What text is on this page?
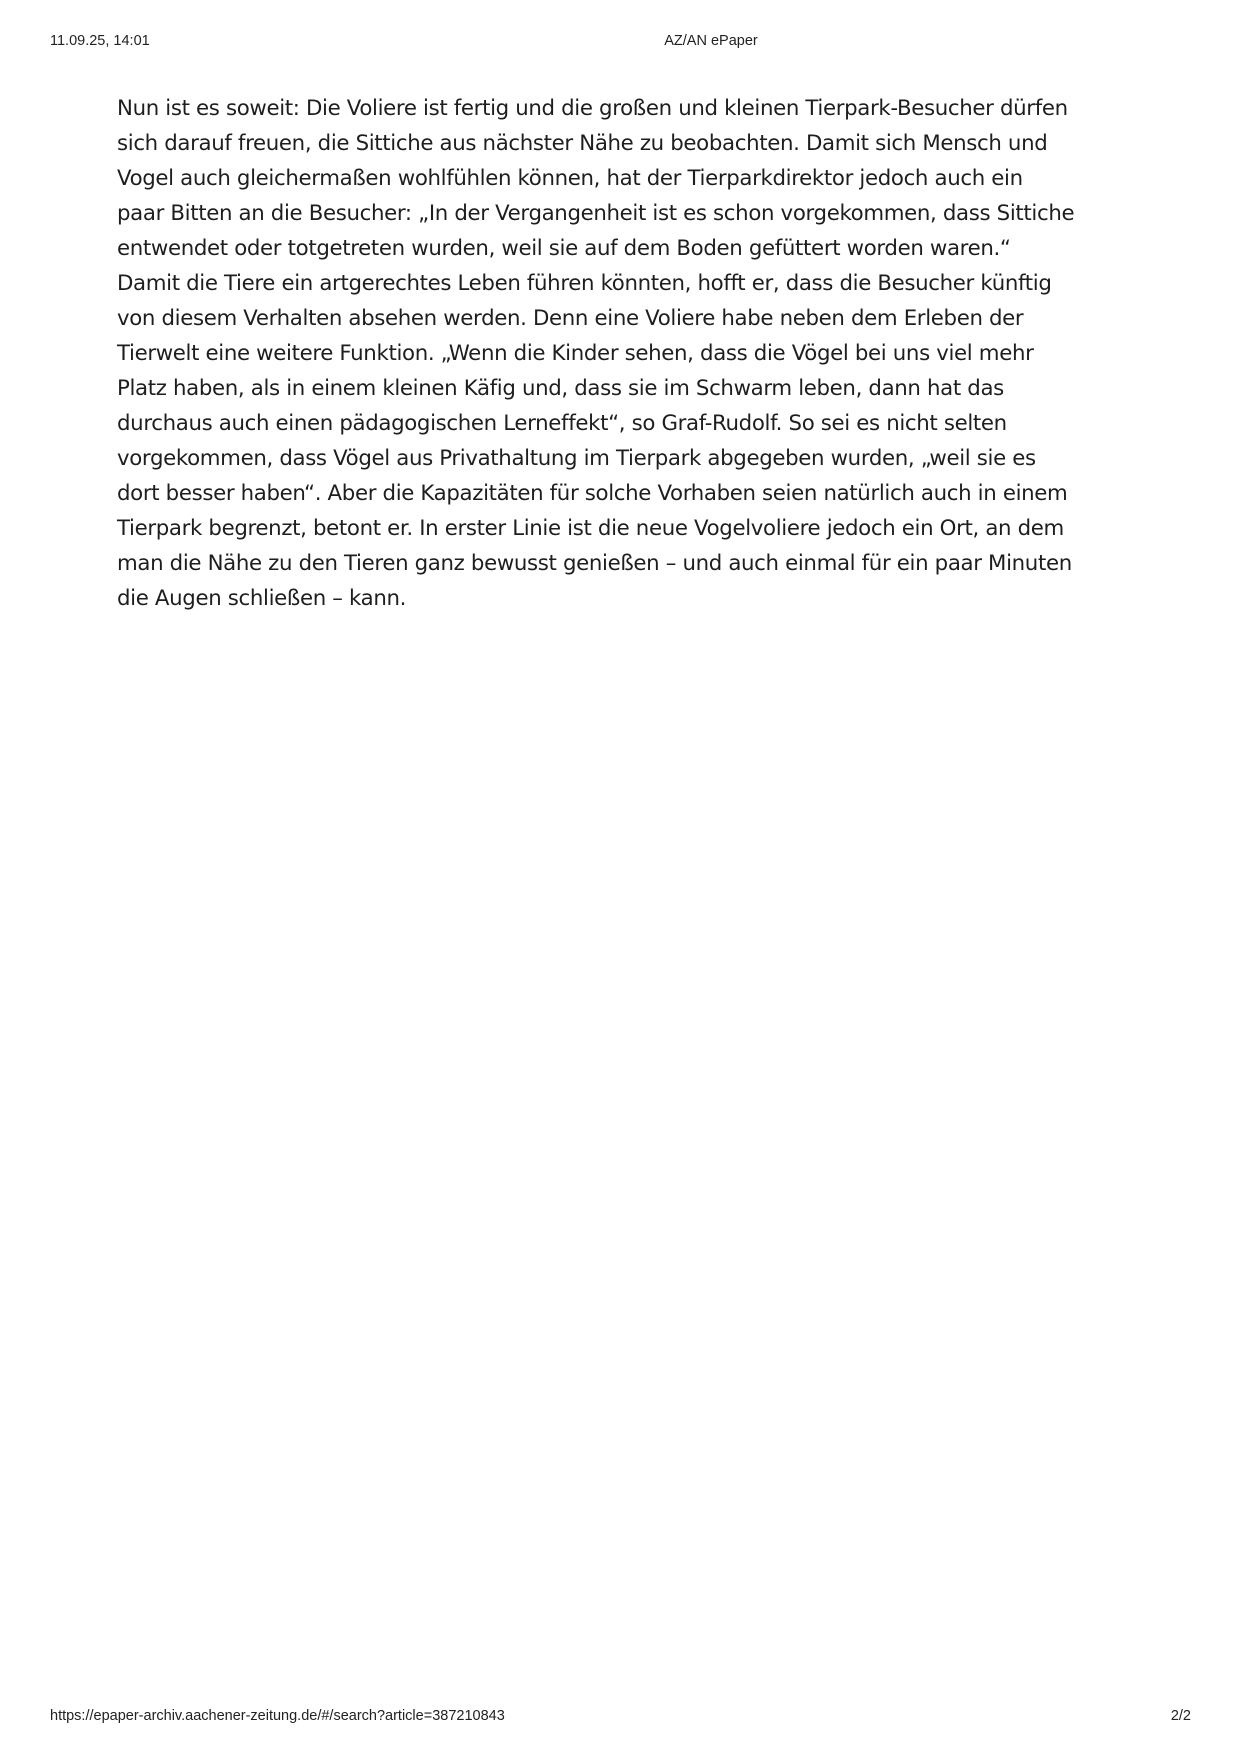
11.09.25, 14:01	AZ/AN ePaper

Nun ist es soweit: Die Voliere ist fertig und die großen und kleinen Tierpark-Besucher dürfen
sich darauf freuen, die Sittiche aus nächster Nähe zu beobachten. Damit sich Mensch und
Vogel auch gleichermaßen wohlfühlen können, hat der Tierparkdirektor jedoch auch ein
paar Bitten an die Besucher: „In der Vergangenheit ist es schon vorgekommen, dass Sittiche
entwendet oder totgetreten wurden, weil sie auf dem Boden gefüttert worden waren.“
Damit die Tiere ein artgerechtes Leben führen könnten, hofft er, dass die Besucher künftig
von diesem Verhalten absehen werden. Denn eine Voliere habe neben dem Erleben der
Tierwelt eine weitere Funktion. „Wenn die Kinder sehen, dass die Vögel bei uns viel mehr
Platz haben, als in einem kleinen Käfig und, dass sie im Schwarm leben, dann hat das
durchaus auch einen pädagogischen Lerneffekt“, so Graf-Rudolf. So sei es nicht selten
vorgekommen, dass Vögel aus Privathaltung im Tierpark abgegeben wurden, „weil sie es
dort besser haben“. Aber die Kapazitäten für solche Vorhaben seien natürlich auch in einem
Tierpark begrenzt, betont er. In erster Linie ist die neue Vogelvoliere jedoch ein Ort, an dem
man die Nähe zu den Tieren ganz bewusst genießen – und auch einmal für ein paar Minuten
die Augen schließen – kann.

https://epaper-archiv.aachener-zeitung.de/#/search?article=387210843	2/2
